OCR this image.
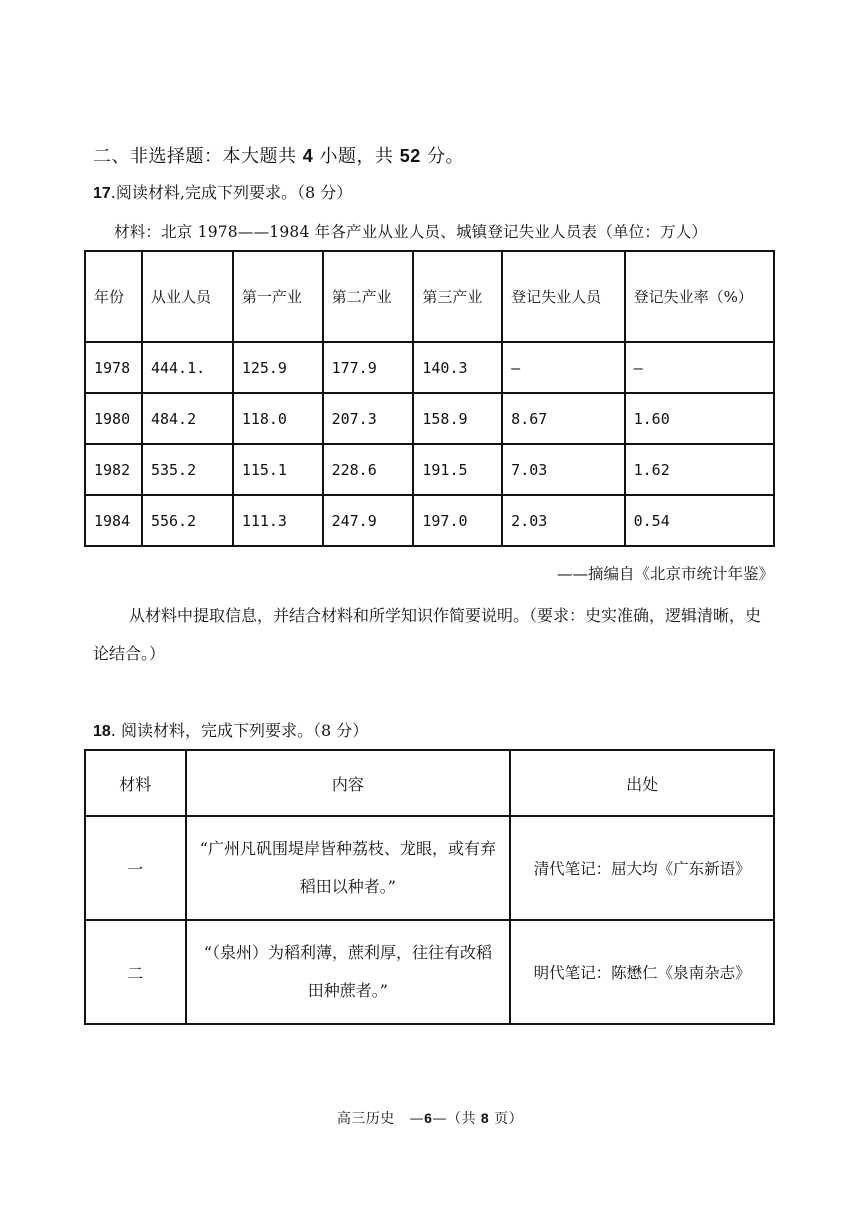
二、非选择题：本大题共 4 小题，共 52 分。
17.阅读材料,完成下列要求。（8 分）
材料：北京 1978——1984 年各产业从业人员、城镇登记失业人员表（单位：万人）
年份	从业人员	第一产业	第二产业	第三产业	登记失业人员	登记失业率（%）
1978	444.1.	125.9	177.9	140.3	—	—
1980	484.2	118.0	207.3	158.9	8.67	1.60
1982	535.2	115.1	228.6	191.5	7.03	1.62
1984	556.2	111.3	247.9	197.0	2.03	0.54
——摘编自《北京市统计年鉴》
从材料中提取信息，并结合材料和所学知识作简要说明。（要求：史实准确，逻辑清晰，史论结合。）
18. 阅读材料，完成下列要求。（8 分）
材料	内容	出处
一	“广州凡矾围堤岸皆种荔枝、龙眼，或有弃稻田以种者。”	清代笔记：屈大均《广东新语》
二	“（泉州）为稻利薄，蔗利厚，往往有改稻田种蔗者。”	明代笔记：陈懋仁《泉南杂志》
高三历史 —6—（共 8 页）
